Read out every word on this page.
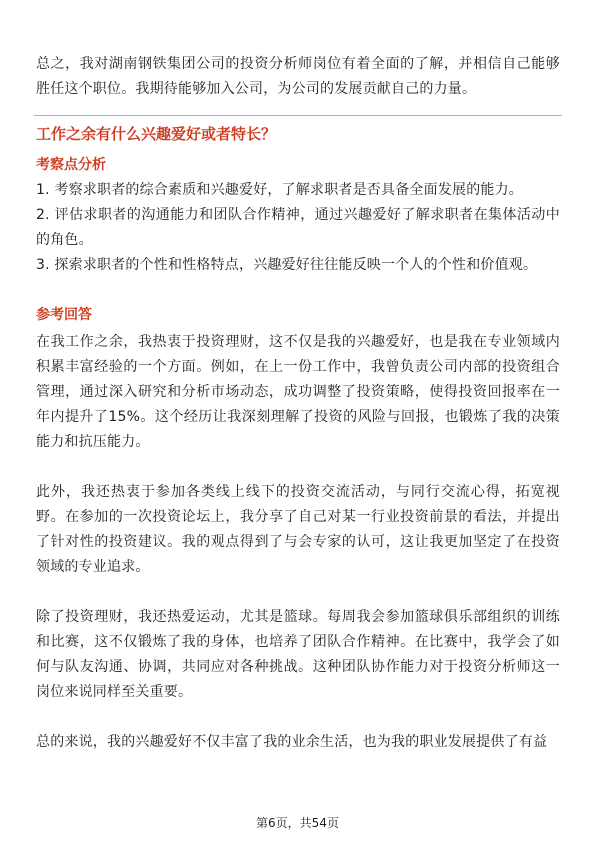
总之，我对湖南钢铁集团公司的投资分析师岗位有着全面的了解，并相信自己能够胜任这个职位。我期待能够加入公司，为公司的发展贡献自己的力量。

工作之余有什么兴趣爱好或者特长？

考察点分析

1. 考察求职者的综合素质和兴趣爱好，了解求职者是否具备全面发展的能力。

2. 评估求职者的沟通能力和团队合作精神，通过兴趣爱好了解求职者在集体活动中的角色。

3. 探索求职者的个性和性格特点，兴趣爱好往往能反映一个人的个性和价值观。

参考回答

在我工作之余，我热衷于投资理财，这不仅是我的兴趣爱好，也是我在专业领域内积累丰富经验的一个方面。例如，在上一份工作中，我曾负责公司内部的投资组合管理，通过深入研究和分析市场动态，成功调整了投资策略，使得投资回报率在一年内提升了15%。这个经历让我深刻理解了投资的风险与回报，也锻炼了我的决策能力和抗压能力。

此外，我还热衷于参加各类线上线下的投资交流活动，与同行交流心得，拓宽视野。在参加的一次投资论坛上，我分享了自己对某一行业投资前景的看法，并提出了针对性的投资建议。我的观点得到了与会专家的认可，这让我更加坚定了在投资领域的专业追求。

除了投资理财，我还热爱运动，尤其是篮球。每周我会参加篮球俱乐部组织的训练和比赛，这不仅锻炼了我的身体，也培养了团队合作精神。在比赛中，我学会了如何与队友沟通、协调，共同应对各种挑战。这种团队协作能力对于投资分析师这一岗位来说同样至关重要。

总的来说，我的兴趣爱好不仅丰富了我的业余生活，也为我的职业发展提供了有益

第6页，共54页
